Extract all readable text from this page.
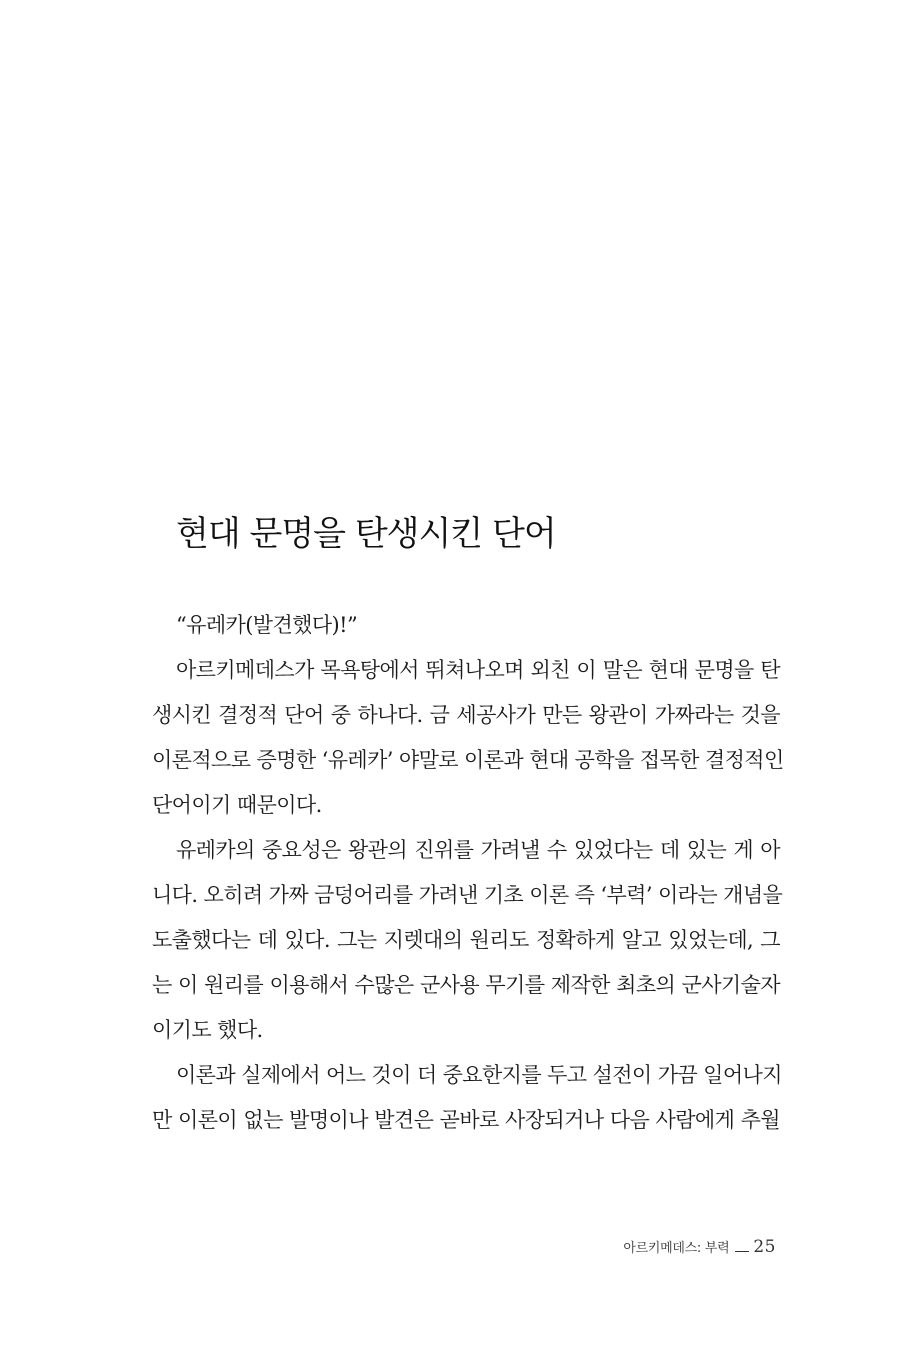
현대 문명을 탄생시킨 단어

“유레카(발견했다)!”

아르키메데스가 목욕탕에서 뛰쳐나오며 외친 이 말은 현대 문명을 탄

생시킨 결정적 단어 중 하나다. 금 세공사가 만든 왕관이 가짜라는 것을

이론적으로 증명한 ‘유레카’ 야말로 이론과 현대 공학을 접목한 결정적인

단어이기 때문이다.

유레카의 중요성은 왕관의 진위를 가려낼 수 있었다는 데 있는 게 아

니다. 오히려 가짜 금덩어리를 가려낸 기초 이론 즉 ‘부력’ 이라는 개념을

도출했다는 데 있다. 그는 지렛대의 원리도 정확하게 알고 있었는데, 그

는 이 원리를 이용해서 수많은 군사용 무기를 제작한 최초의 군사기술자

이기도 했다.

이론과 실제에서 어느 것이 더 중요한지를 두고 설전이 가끔 일어나지

만 이론이 없는 발명이나 발견은 곧바로 사장되거나 다음 사람에게 추월

아르키메데스: 부력 25
